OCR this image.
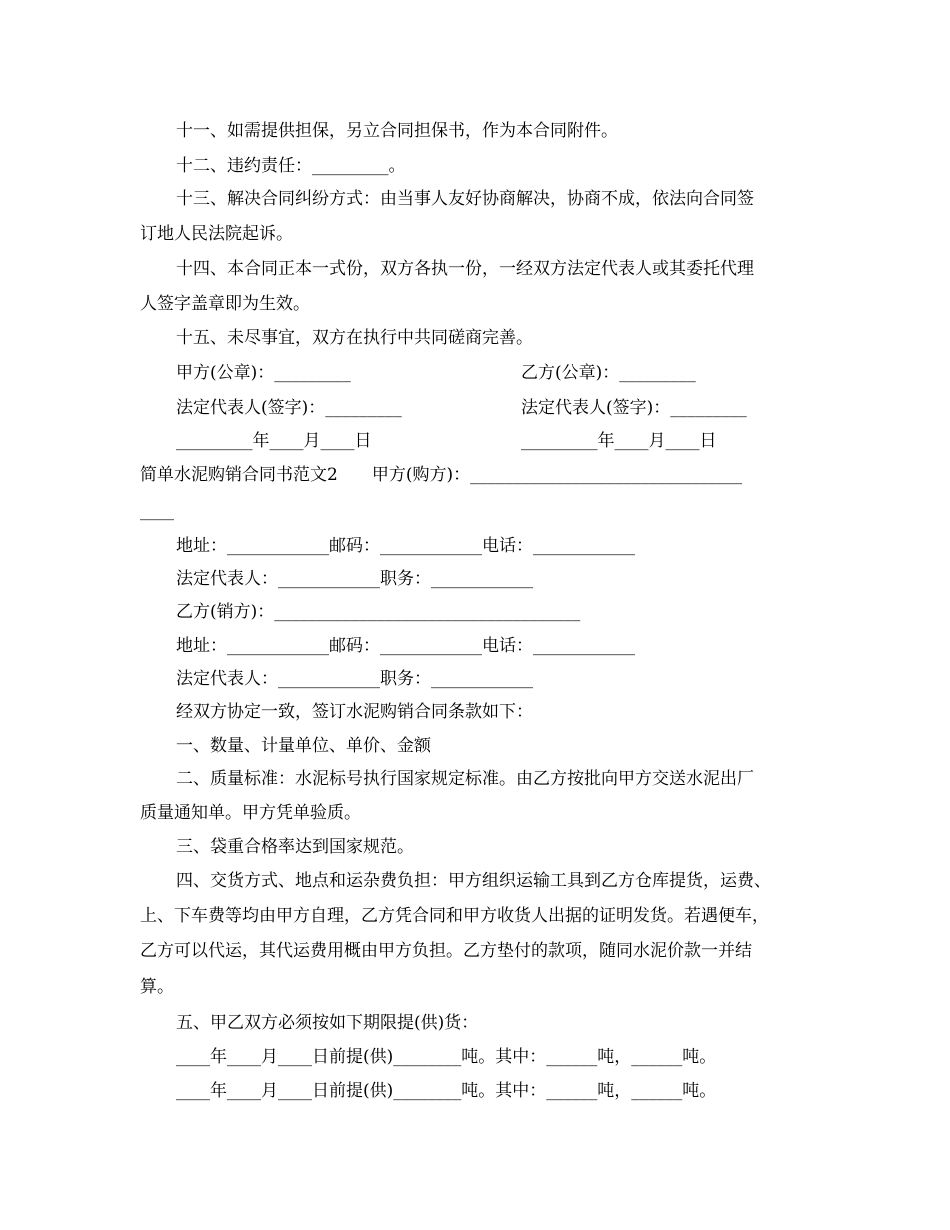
十一、如需提供担保，另立合同担保书，作为本合同附件。
十二、违约责任：_________。
十三、解决合同纠纷方式：由当事人友好协商解决，协商不成，依法向合同签
订地人民法院起诉。
十四、本合同正本一式份，双方各执一份，一经双方法定代表人或其委托代理
人签字盖章即为生效。
十五、未尽事宜，双方在执行中共同磋商完善。
甲方(公章)：_________	乙方(公章)：_________
法定代表人(签字)：_________	法定代表人(签字)：_________
_________年____月____日	_________年____月____日
简单水泥购销合同书范文2　　甲方(购方)：________________________________
____
地址：____________邮码：____________电话：____________
法定代表人：____________职务：____________
乙方(销方)：____________________________________
地址：____________邮码：____________电话：____________
法定代表人：____________职务：____________
经双方协定一致，签订水泥购销合同条款如下：
一、数量、计量单位、单价、金额
二、质量标准：水泥标号执行国家规定标准。由乙方按批向甲方交送水泥出厂
质量通知单。甲方凭单验质。
三、袋重合格率达到国家规范。
四、交货方式、地点和运杂费负担：甲方组织运输工具到乙方仓库提货，运费、
上、下车费等均由甲方自理，乙方凭合同和甲方收货人出据的证明发货。若遇便车，
乙方可以代运，其代运费用概由甲方负担。乙方垫付的款项，随同水泥价款一并结
算。
五、甲乙双方必须按如下期限提(供)货：
____年____月____日前提(供)________吨。其中：______吨，______吨。
____年____月____日前提(供)________吨。其中：______吨，______吨。
